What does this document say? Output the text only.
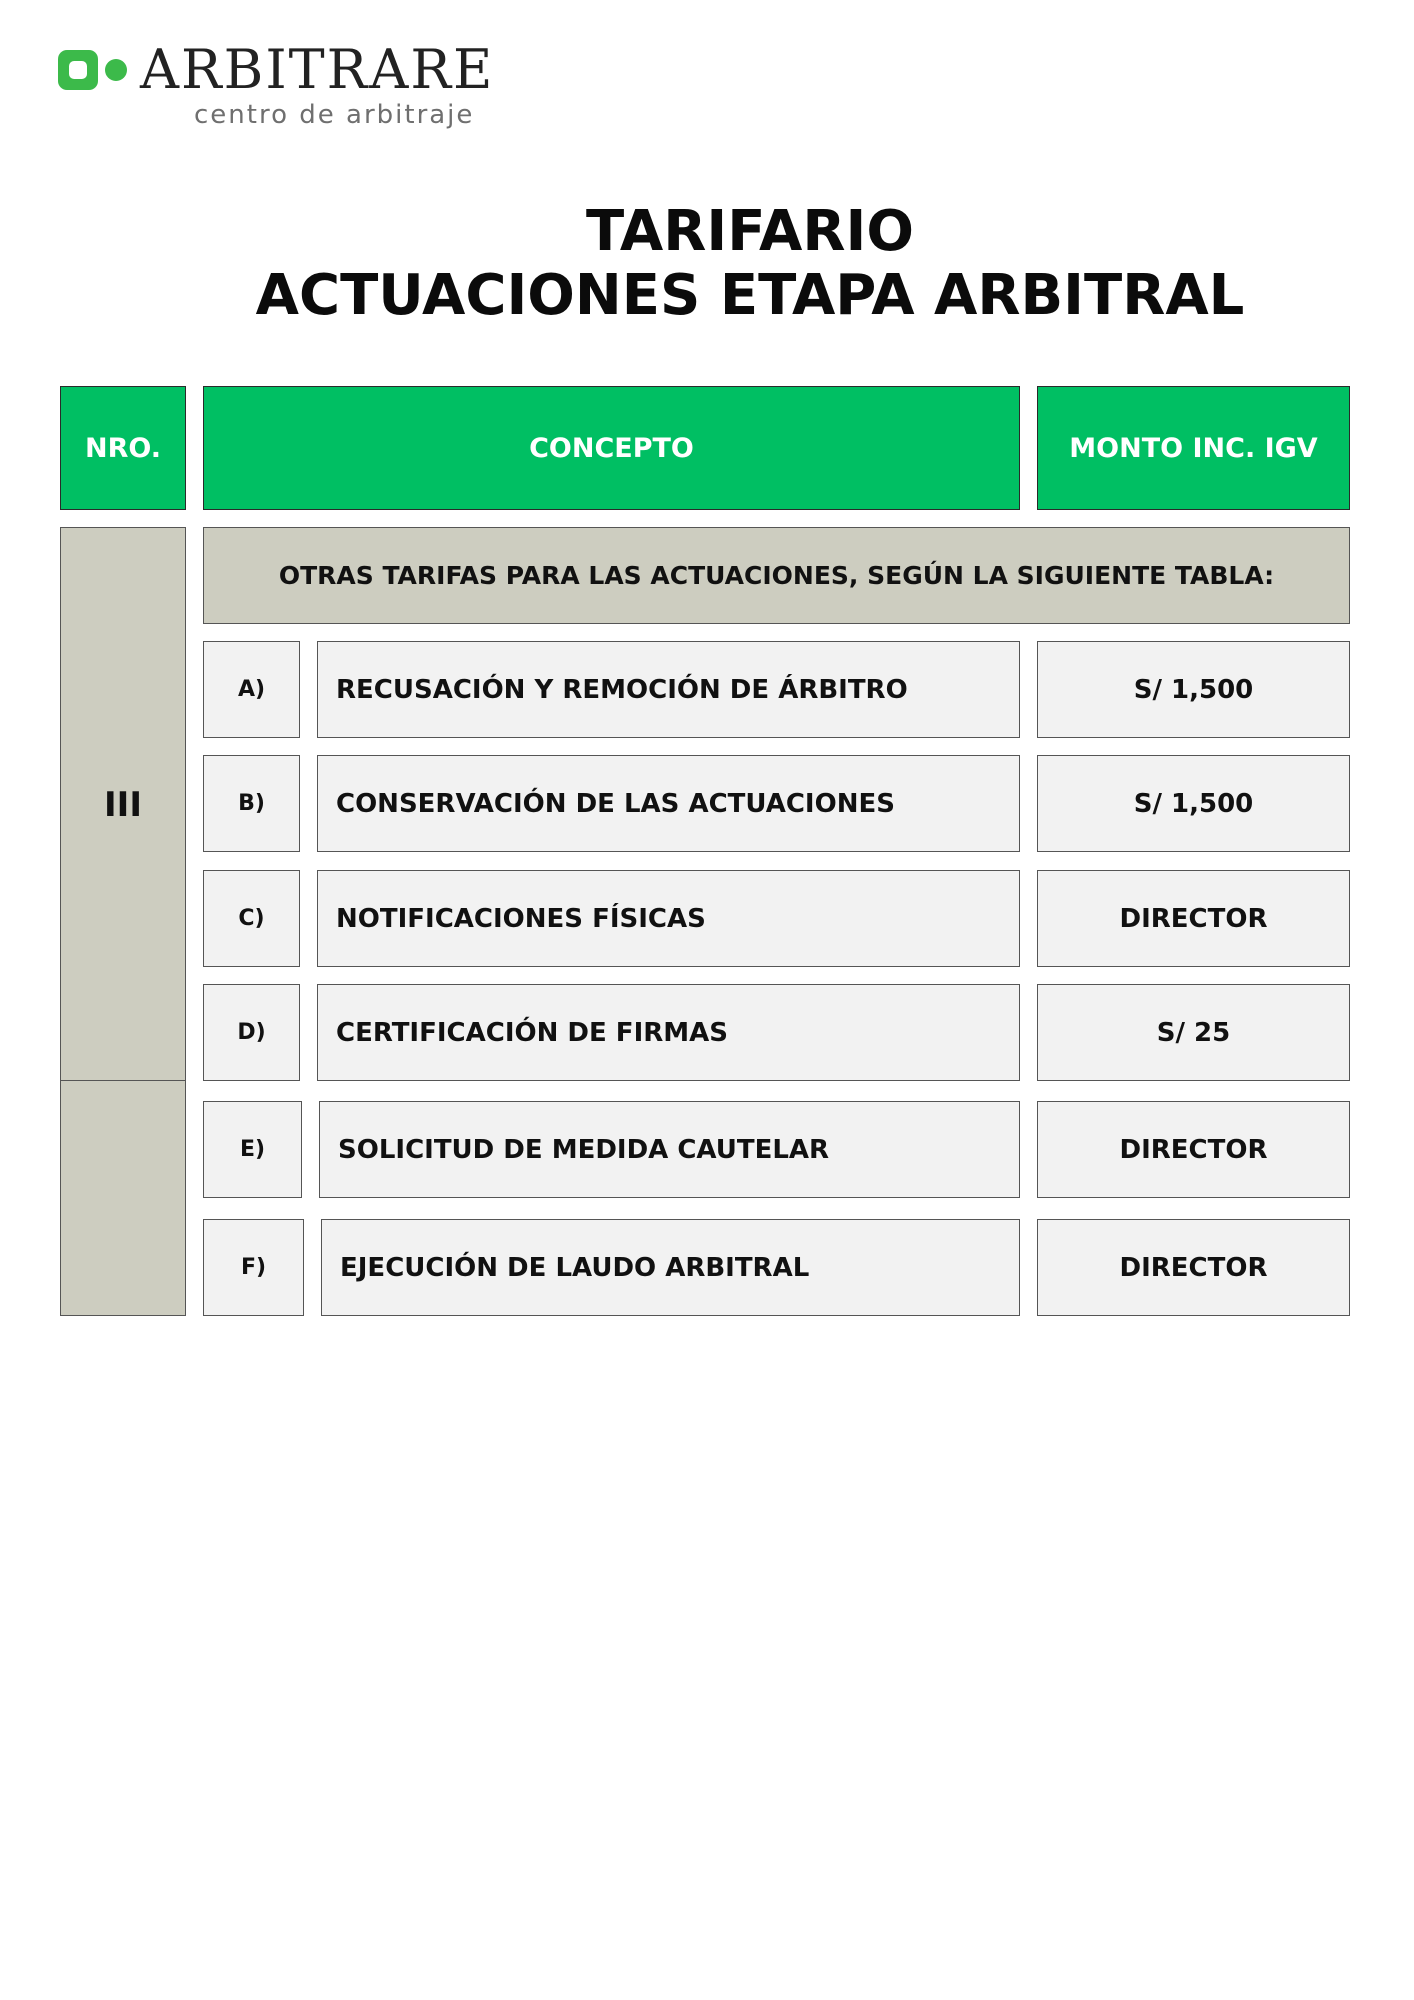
ARBITRARE
centro de arbitraje
TARIFARIO
ACTUACIONES ETAPA ARBITRAL
NRO.	CONCEPTO	MONTO INC. IGV
III
OTRAS TARIFAS PARA LAS ACTUACIONES, SEGÚN LA SIGUIENTE TABLA:
A)	RECUSACIÓN Y REMOCIÓN DE ÁRBITRO	S/ 1,500
B)	CONSERVACIÓN DE LAS ACTUACIONES	S/ 1,500
C)	NOTIFICACIONES FÍSICAS	DIRECTOR
D)	CERTIFICACIÓN DE FIRMAS	S/ 25
E)	SOLICITUD DE MEDIDA CAUTELAR	DIRECTOR
F)	EJECUCIÓN DE LAUDO ARBITRAL	DIRECTOR
